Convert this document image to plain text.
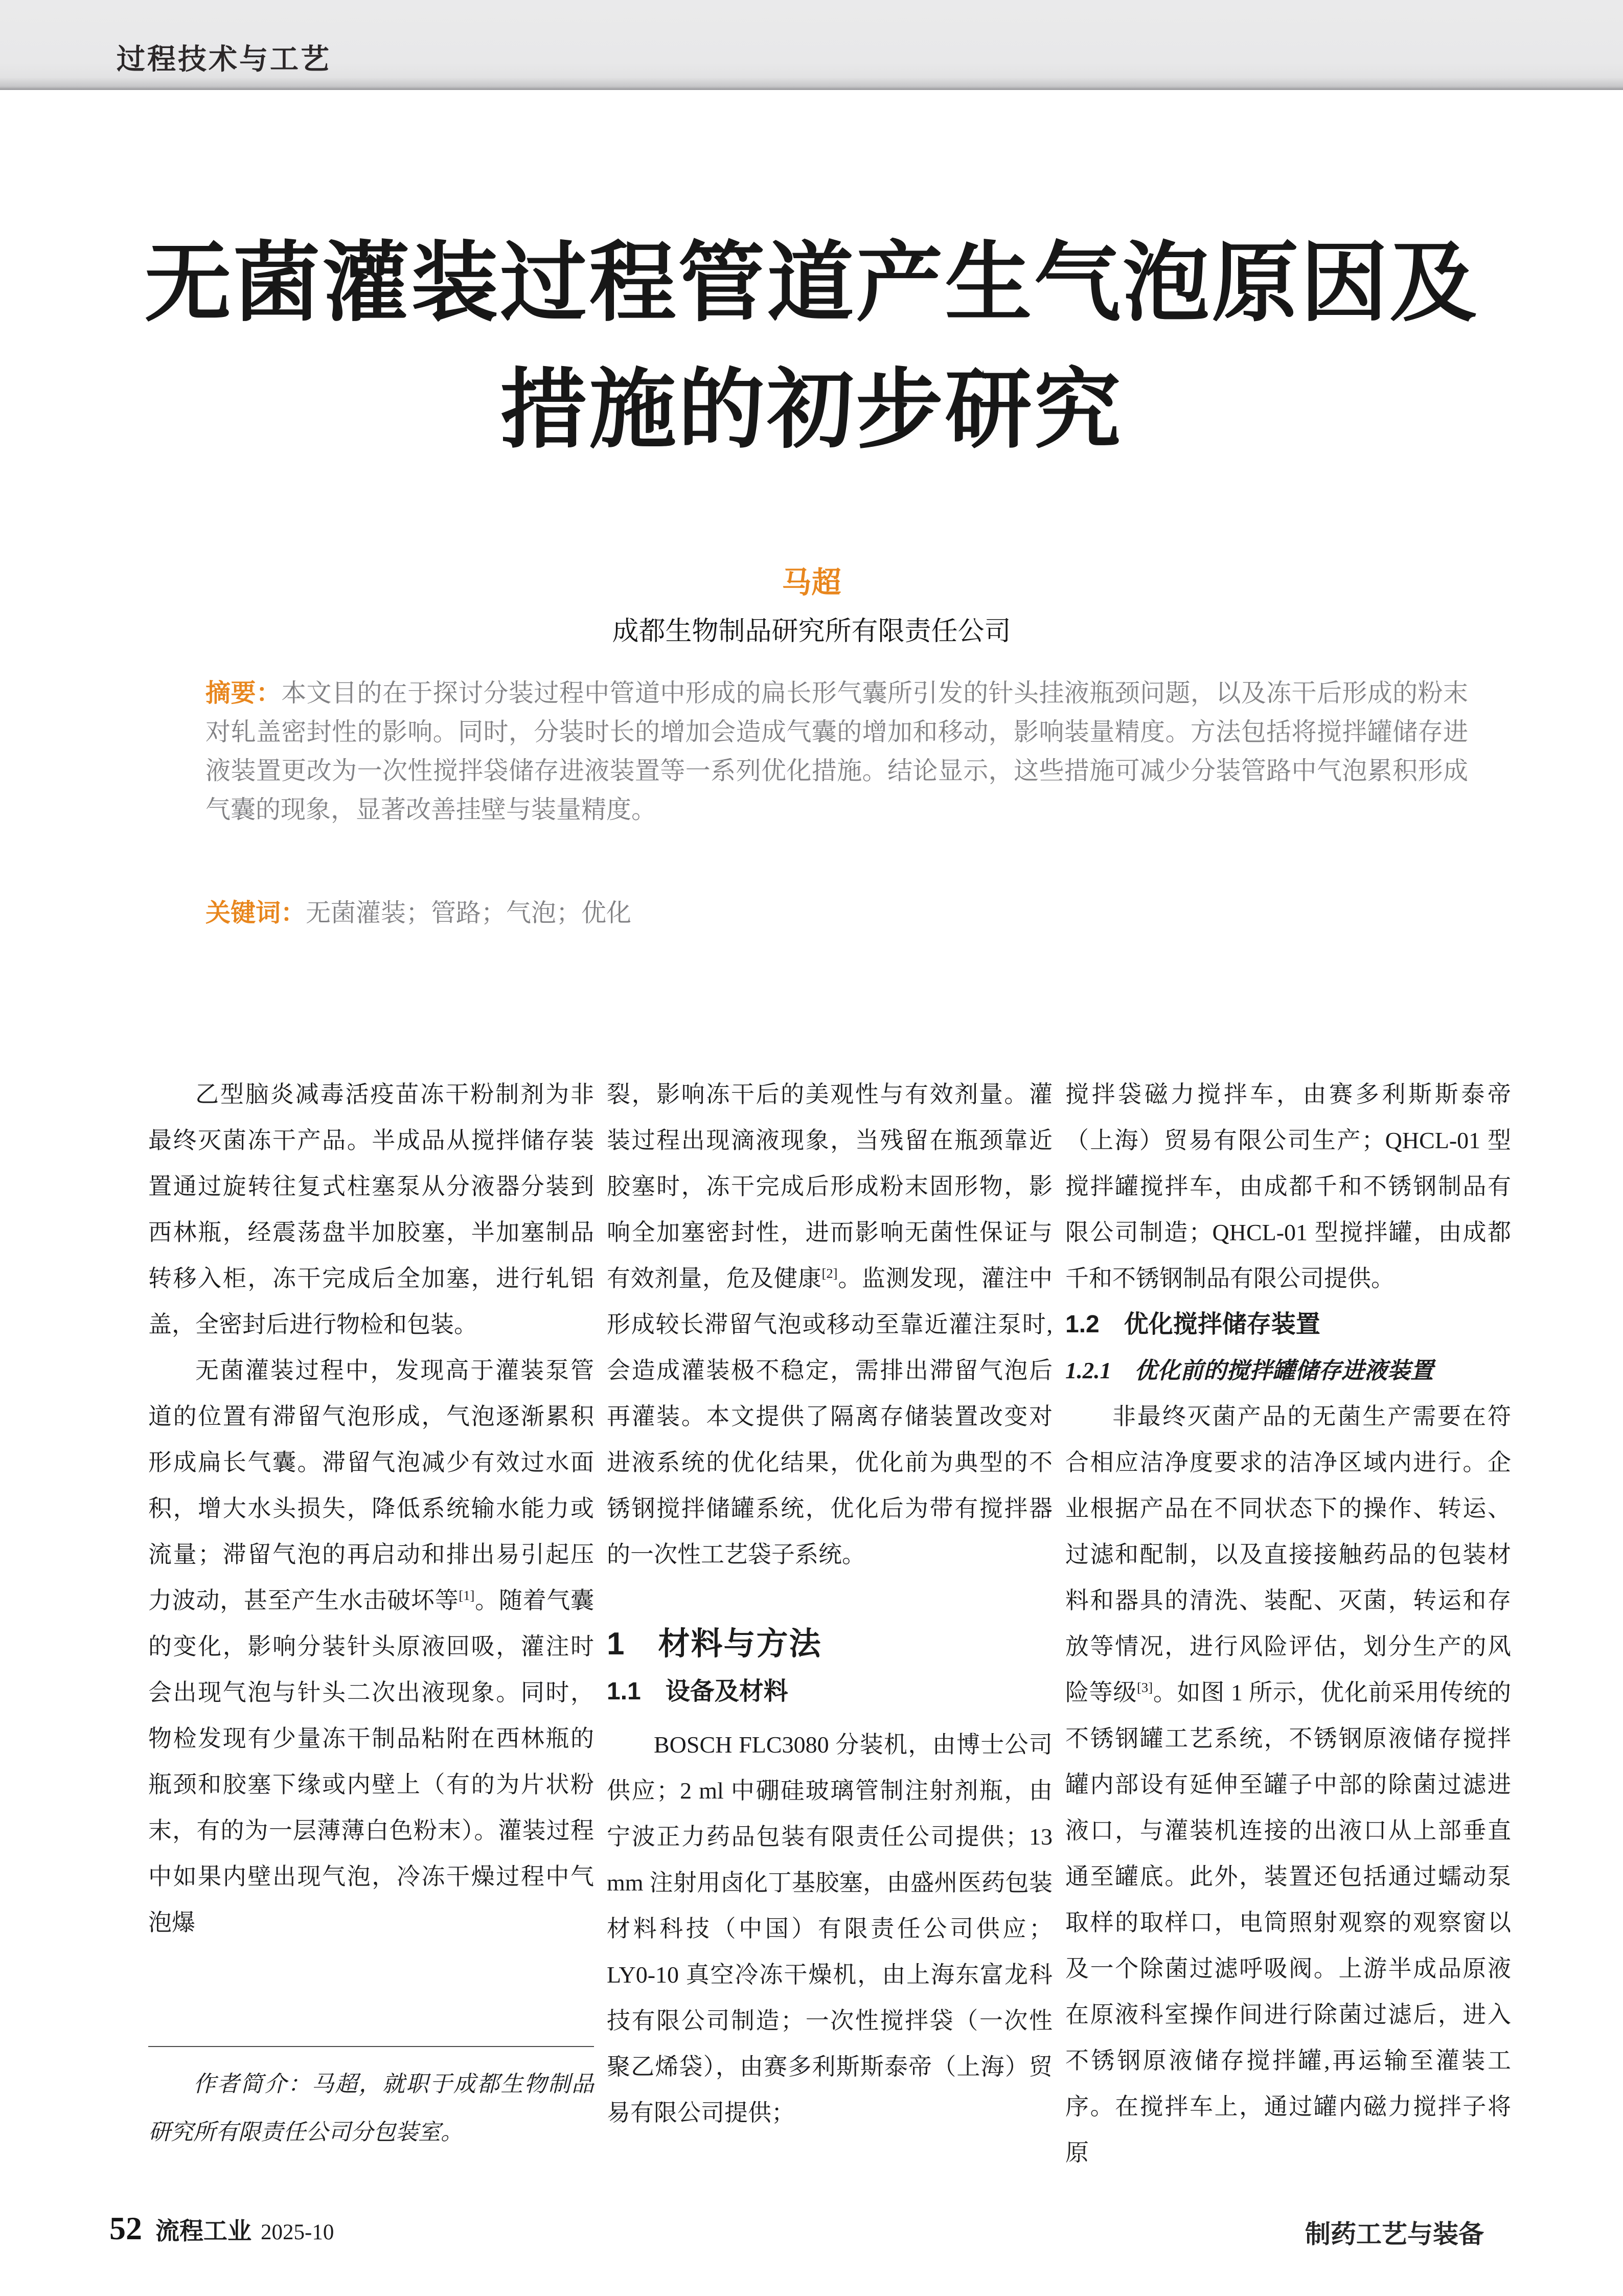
过程技术与工艺
无菌灌装过程管道产生气泡原因及
措施的初步研究
马超
成都生物制品研究所有限责任公司
摘要：本文目的在于探讨分装过程中管道中形成的扁长形气囊所引发的针头挂液瓶颈问题，以及冻干后形成的粉末对轧盖密封性的影响。同时，分装时长的增加会造成气囊的增加和移动，影响装量精度。方法包括将搅拌罐储存进液装置更改为一次性搅拌袋储存进液装置等一系列优化措施。结论显示，这些措施可减少分装管路中气泡累积形成气囊的现象，显著改善挂壁与装量精度。
关键词：无菌灌装；管路；气泡；优化

乙型脑炎减毒活疫苗冻干粉制剂为非最终灭菌冻干产品。半成品从搅拌储存装置通过旋转往复式柱塞泵从分液器分装到西林瓶，经震荡盘半加胶塞，半加塞制品转移入柜，冻干完成后全加塞，进行轧铝盖，全密封后进行物检和包装。

无菌灌装过程中，发现高于灌装泵管道的位置有滞留气泡形成，气泡逐渐累积形成扁长气囊。滞留气泡减少有效过水面积，增大水头损失，降低系统输水能力或流量；滞留气泡的再启动和排出易引起压力波动，甚至产生水击破坏等[1]。随着气囊的变化，影响分装针头原液回吸，灌注时会出现气泡与针头二次出液现象。同时，物检发现有少量冻干制品粘附在西林瓶的瓶颈和胶塞下缘或内壁上（有的为片状粉末，有的为一层薄薄白色粉末）。灌装过程中如果内壁出现气泡，冷冻干燥过程中气泡爆

裂，影响冻干后的美观性与有效剂量。灌装过程出现滴液现象，当残留在瓶颈靠近胶塞时，冻干完成后形成粉末固形物，影响全加塞密封性，进而影响无菌性保证与有效剂量，危及健康[2]。监测发现，灌注中形成较长滞留气泡或移动至靠近灌注泵时,会造成灌装极不稳定，需排出滞留气泡后再灌装。本文提供了隔离存储装置改变对进液系统的优化结果，优化前为典型的不锈钢搅拌储罐系统，优化后为带有搅拌器的一次性工艺袋子系统。

1　材料与方法
1.1　设备及材料

BOSCH FLC3080 分装机，由博士公司供应；2 ml 中硼硅玻璃管制注射剂瓶，由宁波正力药品包装有限责任公司提供；13 mm 注射用卤化丁基胶塞，由盛州医药包装材料科技（中国）有限责任公司供应；LY0-10 真空冷冻干燥机，由上海东富龙科技有限公司制造；一次性搅拌袋（一次性聚乙烯袋），由赛多利斯斯泰帝（上海）贸易有限公司提供；

搅拌袋磁力搅拌车，由赛多利斯斯泰帝（上海）贸易有限公司生产；QHCL-01 型搅拌罐搅拌车，由成都千和不锈钢制品有限公司制造；QHCL-01 型搅拌罐，由成都千和不锈钢制品有限公司提供。

1.2　优化搅拌储存装置
1.2.1　优化前的搅拌罐储存进液装置

非最终灭菌产品的无菌生产需要在符合相应洁净度要求的洁净区域内进行。企业根据产品在不同状态下的操作、转运、过滤和配制，以及直接接触药品的包装材料和器具的清洗、装配、灭菌，转运和存放等情况，进行风险评估，划分生产的风险等级[3]。如图 1 所示，优化前采用传统的不锈钢罐工艺系统，不锈钢原液储存搅拌罐内部设有延伸至罐子中部的除菌过滤进液口，与灌装机连接的出液口从上部垂直通至罐底。此外，装置还包括通过蠕动泵取样的取样口，电筒照射观察的观察窗以及一个除菌过滤呼吸阀。上游半成品原液在原液科室操作间进行除菌过滤后，进入不锈钢原液储存搅拌罐,再运输至灌装工序。在搅拌车上，通过罐内磁力搅拌子将原

作者简介：马超，就职于成都生物制品研究所有限责任公司分包装室。
52 流程工业 2025-10	制药工艺与装备
